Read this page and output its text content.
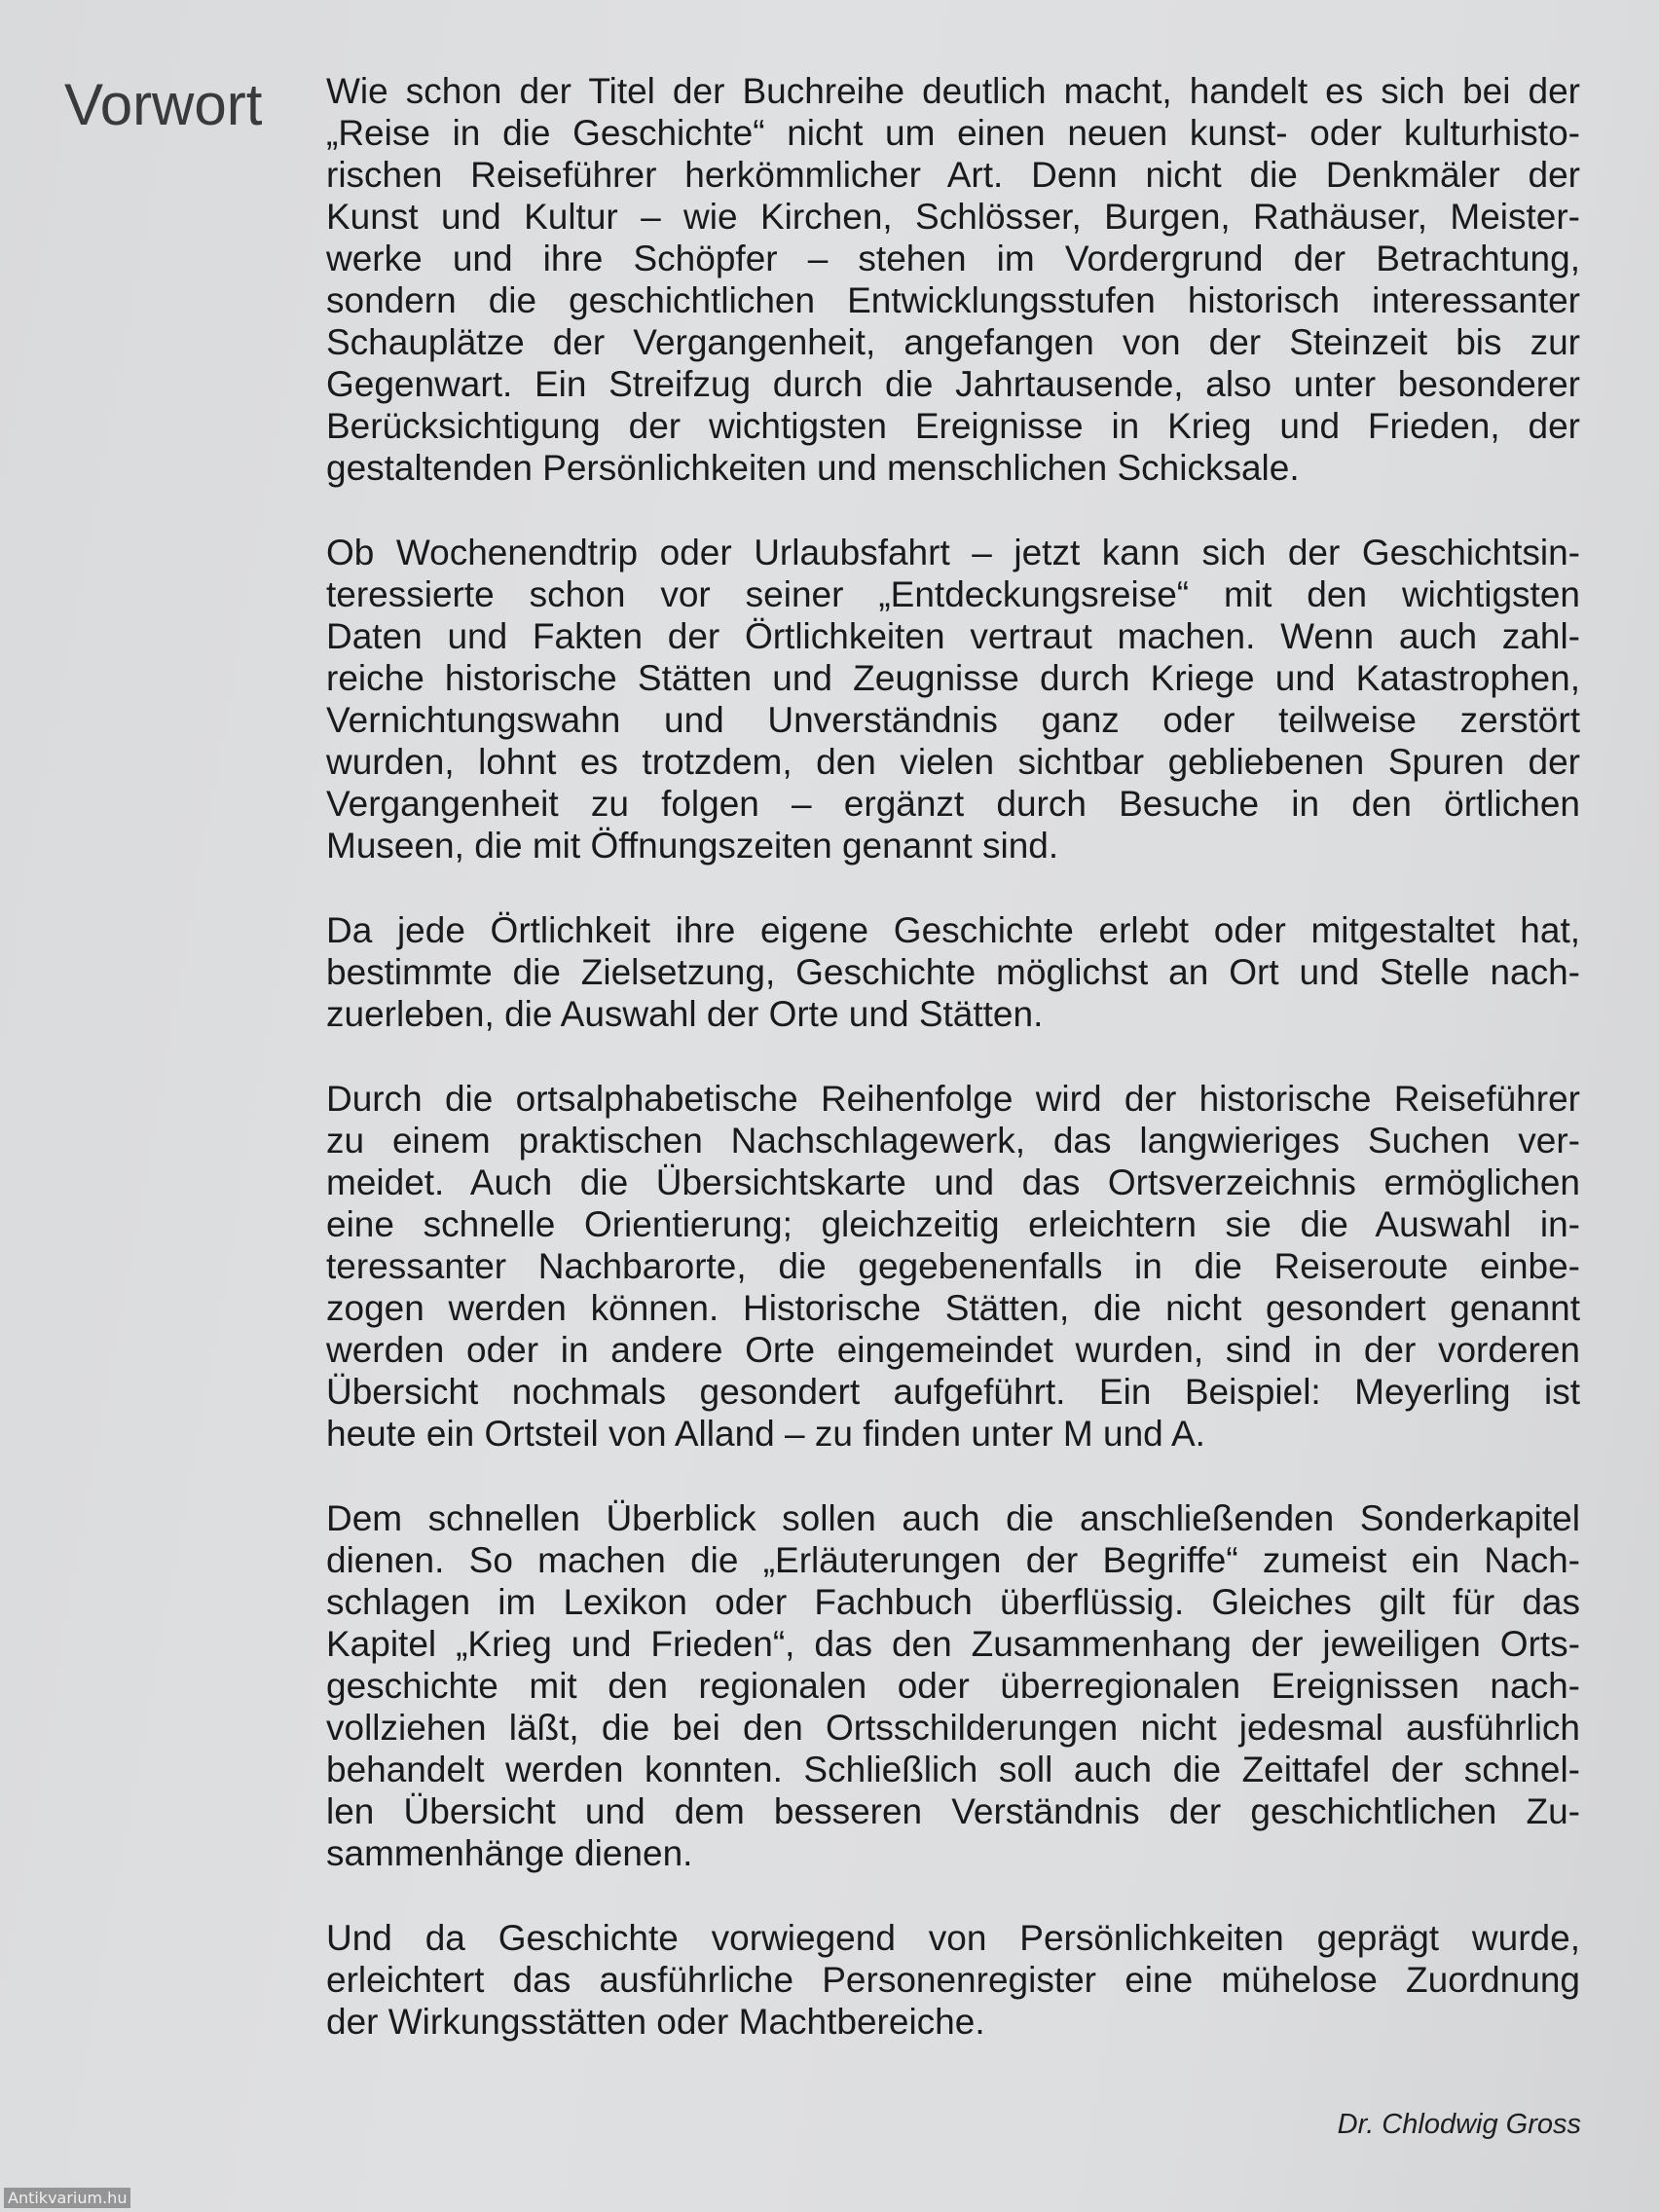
Vorwort Wie schon der Titel der Buchreihe deutlich macht, handelt es sich bei der
„Reise in die Geschichte“ nicht um einen neuen kunst- oder kulturhisto-
rischen Reiseführer herkömmlicher Art. Denn nicht die Denkmäler der
Kunst und Kultur – wie Kirchen, Schlösser, Burgen, Rathäuser, Meister-
werke und ihre Schöpfer – stehen im Vordergrund der Betrachtung,
sondern die geschichtlichen Entwicklungsstufen historisch interessanter
Schauplätze der Vergangenheit, angefangen von der Steinzeit bis zur
Gegenwart. Ein Streifzug durch die Jahrtausende, also unter besonderer
Berücksichtigung der wichtigsten Ereignisse in Krieg und Frieden, der
gestaltenden Persönlichkeiten und menschlichen Schicksale.

Ob Wochenendtrip oder Urlaubsfahrt – jetzt kann sich der Geschichtsin-
teressierte schon vor seiner „Entdeckungsreise“ mit den wichtigsten
Daten und Fakten der Örtlichkeiten vertraut machen. Wenn auch zahl-
reiche historische Stätten und Zeugnisse durch Kriege und Katastrophen,
Vernichtungswahn und Unverständnis ganz oder teilweise zerstört
wurden, lohnt es trotzdem, den vielen sichtbar gebliebenen Spuren der
Vergangenheit zu folgen – ergänzt durch Besuche in den örtlichen
Museen, die mit Öffnungszeiten genannt sind.

Da jede Örtlichkeit ihre eigene Geschichte erlebt oder mitgestaltet hat,
bestimmte die Zielsetzung, Geschichte möglichst an Ort und Stelle nach-
zuerleben, die Auswahl der Orte und Stätten.

Durch die ortsalphabetische Reihenfolge wird der historische Reiseführer
zu einem praktischen Nachschlagewerk, das langwieriges Suchen ver-
meidet. Auch die Übersichtskarte und das Ortsverzeichnis ermöglichen
eine schnelle Orientierung; gleichzeitig erleichtern sie die Auswahl in-
teressanter Nachbarorte, die gegebenenfalls in die Reiseroute einbe-
zogen werden können. Historische Stätten, die nicht gesondert genannt
werden oder in andere Orte eingemeindet wurden, sind in der vorderen
Übersicht nochmals gesondert aufgeführt. Ein Beispiel: Meyerling ist
heute ein Ortsteil von Alland – zu finden unter M und A.

Dem schnellen Überblick sollen auch die anschließenden Sonderkapitel
dienen. So machen die „Erläuterungen der Begriffe“ zumeist ein Nach-
schlagen im Lexikon oder Fachbuch überflüssig. Gleiches gilt für das
Kapitel „Krieg und Frieden“, das den Zusammenhang der jeweiligen Orts-
geschichte mit den regionalen oder überregionalen Ereignissen nach-
vollziehen läßt, die bei den Ortsschilderungen nicht jedesmal ausführlich
behandelt werden konnten. Schließlich soll auch die Zeittafel der schnel-
len Übersicht und dem besseren Verständnis der geschichtlichen Zu-
sammenhänge dienen.

Und da Geschichte vorwiegend von Persönlichkeiten geprägt wurde,
erleichtert das ausführliche Personenregister eine mühelose Zuordnung
der Wirkungsstätten oder Machtbereiche.

Dr. Chlodwig Gross
Antikvarium.hu
